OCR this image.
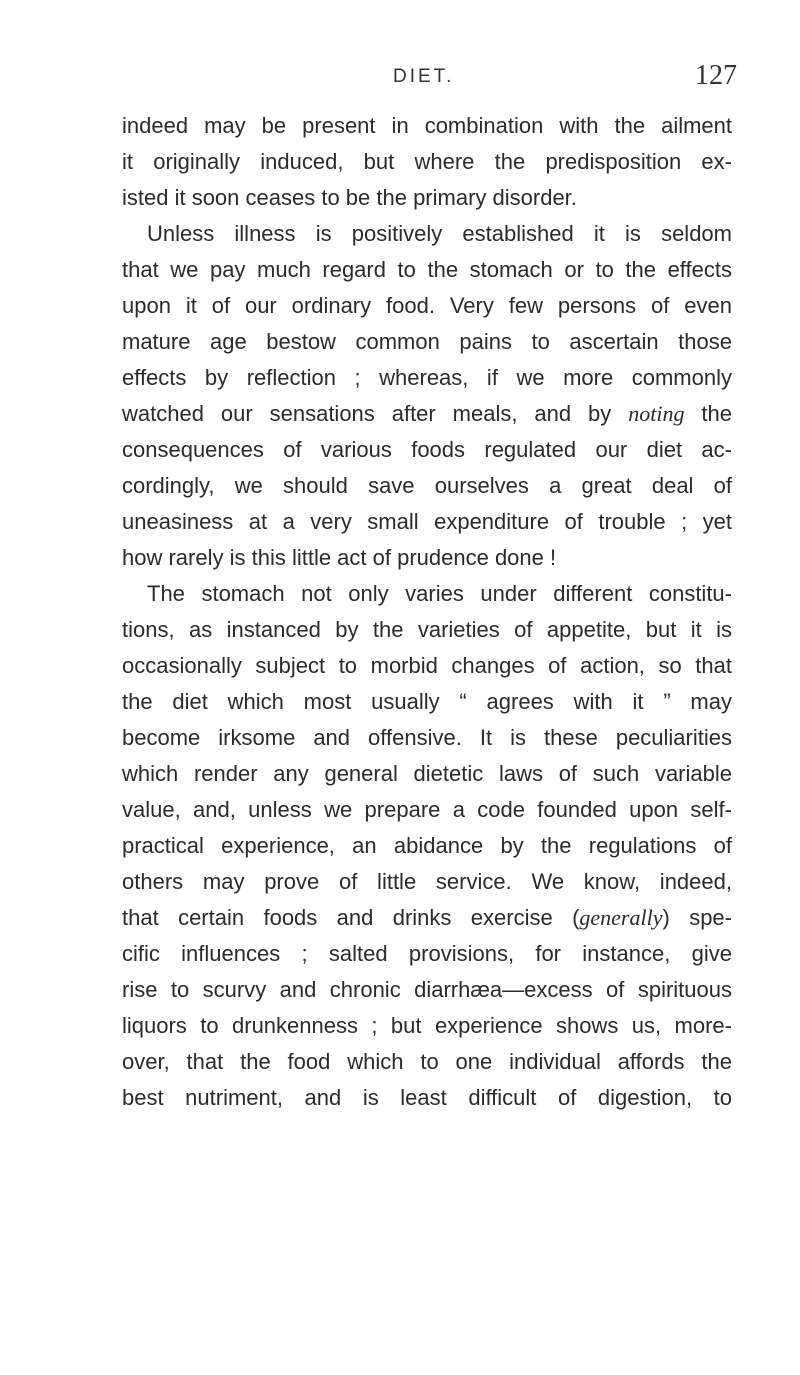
DIET.	127
indeed may be present in combination with the ailment
it originally induced, but where the predisposition ex-
isted it soon ceases to be the primary disorder.
Unless illness is positively established it is seldom
that we pay much regard to the stomach or to the effects
upon it of our ordinary food. Very few persons of even
mature age bestow common pains to ascertain those
effects by reflection ; whereas, if we more commonly
watched our sensations after meals, and by noting the
consequences of various foods regulated our diet ac-
cordingly, we should save ourselves a great deal of
uneasiness at a very small expenditure of trouble ; yet
how rarely is this little act of prudence done !
The stomach not only varies under different constitu-
tions, as instanced by the varieties of appetite, but it is
occasionally subject to morbid changes of action, so that
the diet which most usually “ agrees with it ” may
become irksome and offensive. It is these peculiarities
which render any general dietetic laws of such variable
value, and, unless we prepare a code founded upon self-
practical experience, an abidance by the regulations of
others may prove of little service. We know, indeed,
that certain foods and drinks exercise (generally) spe-
cific influences ; salted provisions, for instance, give
rise to scurvy and chronic diarrhæa—excess of spirituous
liquors to drunkenness ; but experience shows us, more-
over, that the food which to one individual affords the
best nutriment, and is least difficult of digestion, to
